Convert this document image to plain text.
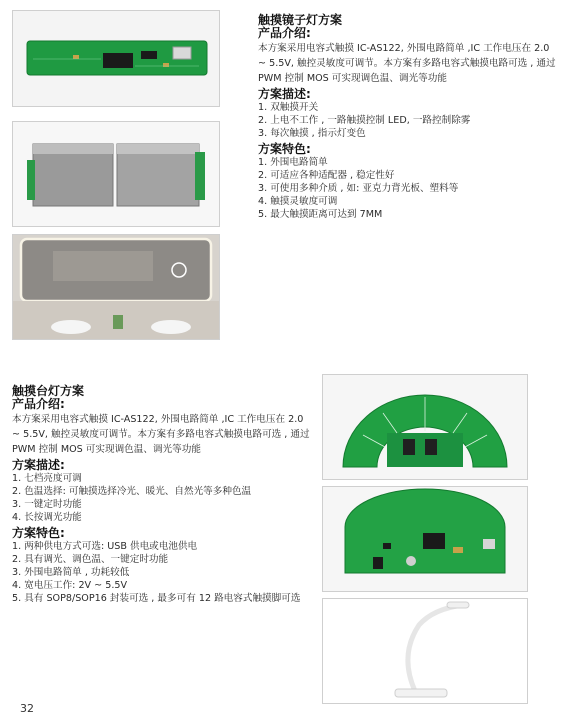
触摸镜子灯方案
产品介绍:

本方案采用电容式触摸 IC-AS122, 外围电路简单 ,IC 工作电压在 2.0 ~ 5.5V, 触控灵敏度可调节。本方案有多路电容式触摸电路可选 , 通过 PWM 控制 MOS 可实现调色温、调光等功能

方案描述:
1. 双触摸开关
2. 上电不工作 , 一路触摸控制 LED, 一路控制除雾
3. 每次触摸 , 指示灯变色
方案特色:
1. 外围电路简单
2. 可适应各种适配器 , 稳定性好
3. 可使用多种介质 , 如: 亚克力背光板、塑料等
4. 触摸灵敏度可调
5. 最大触摸距离可达到 7MM
触摸台灯方案
产品介绍:

本方案采用电容式触摸 IC-AS122, 外围电路简单 ,IC 工作电压在 2.0 ~ 5.5V, 触控灵敏度可调节。本方案有多路电容式触摸电路可选 , 通过 PWM 控制 MOS 可实现调色温、调光等功能

方案描述:
1. 七档亮度可调
2. 色温选择: 可触摸选择冷光、暖光、自然光等多种色温
3. 一键定时功能
4. 长按调光功能
方案特色:
1. 两种供电方式可选: USB 供电或电池供电
2. 具有调光、调色温、一键定时功能
3. 外围电路简单 , 功耗较低
4. 宽电压工作: 2V ~ 5.5V
5. 具有 SOP8/SOP16 封装可选 , 最多可有 12 路电容式触摸脚可选
32
